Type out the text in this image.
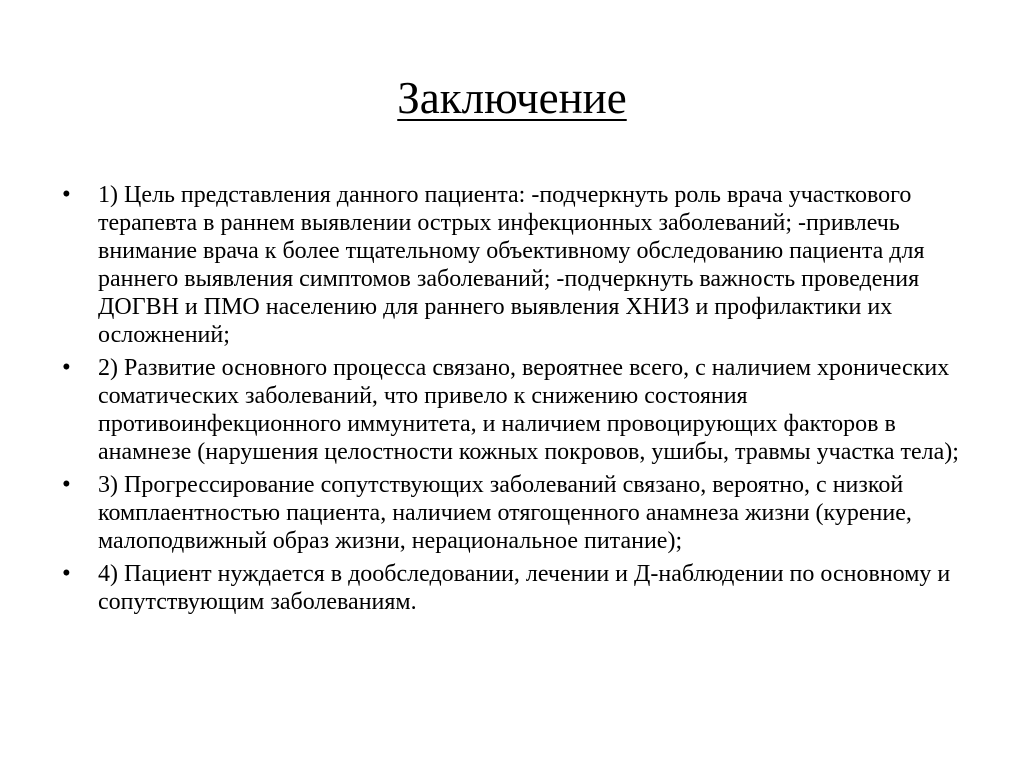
Заключение
•	1) Цель представления данного пациента: -подчеркнуть роль врача участкового терапевта в раннем выявлении острых инфекционных заболеваний; -привлечь внимание врача к более тщательному объективному обследованию пациента для раннего выявления симптомов заболеваний; -подчеркнуть важность проведения ДОГВН и ПМО населению для раннего выявления ХНИЗ и профилактики их осложнений;
•	2) Развитие основного процесса связано, вероятнее всего, с наличием хронических соматических заболеваний, что привело к снижению состояния противоинфекционного иммунитета, и наличием провоцирующих факторов в анамнезе (нарушения целостности кожных покровов, ушибы, травмы участка тела);
•	3) Прогрессирование сопутствующих заболеваний связано, вероятно, с низкой комплаентностью пациента, наличием отягощенного анамнеза жизни (курение, малоподвижный образ жизни, нерациональное питание);
•	4) Пациент нуждается в дообследовании, лечении и Д-наблюдении по основному и сопутствующим заболеваниям.
